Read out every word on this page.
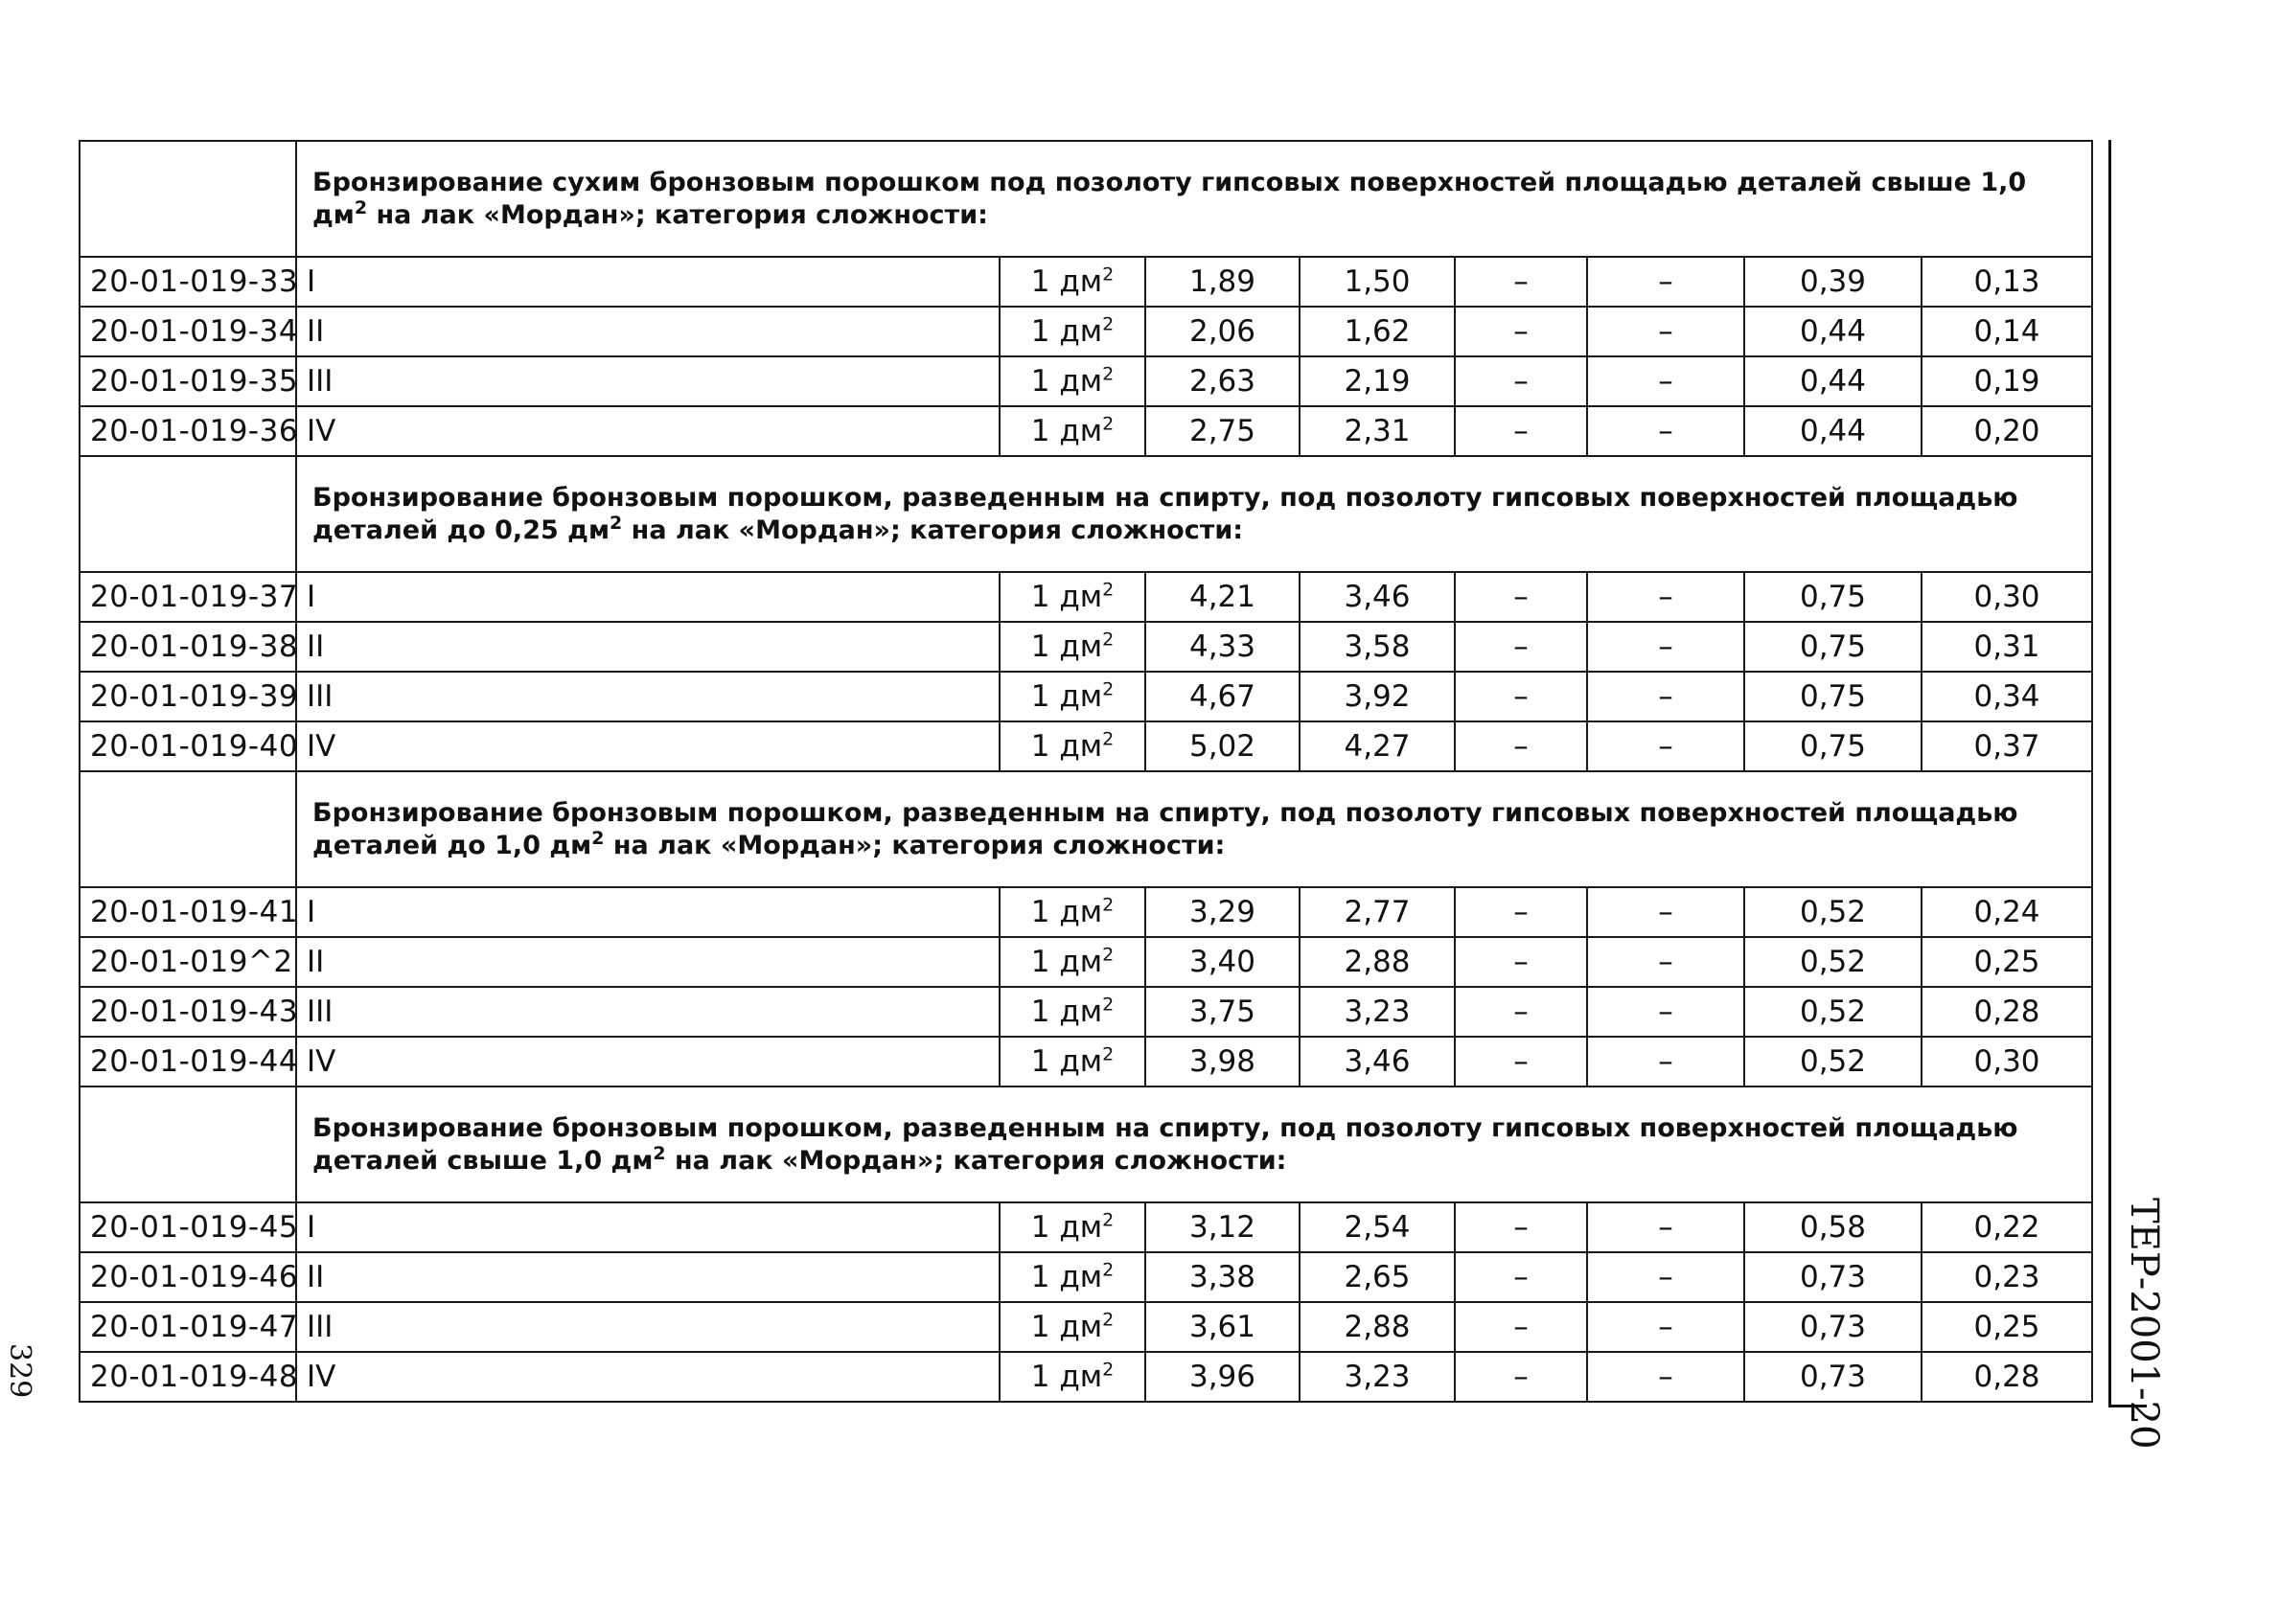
	Бронзирование сухим бронзовым порошком под позолоту гипсовых поверхностей площадью деталей свыше 1,0 $дм^2$ на лак «Мордан»; категория сложности:							
20-01-019-33	I	1 $дм^2$	1,89	1,50	–	–	0,39	0,13
20-01-019-34	II	1 $дм^2$	2,06	1,62	–	–	0,44	0,14
20-01-019-35	III	1 $дм^2$	2,63	2,19	–	–	0,44	0,19
20-01-019-36	IV	1 $дм^2$	2,75	2,31	–	–	0,44	0,20
	Бронзирование бронзовым порошком, разведенным на спирту, под позолоту гипсовых поверхностей площадью деталей до 0,25 $дм^2$ на лак «Мордан»; категория сложности:							
20-01-019-37	I	1 $дм^2$	4,21	3,46	–	–	0,75	0,30
20-01-019-38	II	1 $дм^2$	4,33	3,58	–	–	0,75	0,31
20-01-019-39	III	1 $дм^2$	4,67	3,92	–	–	0,75	0,34
20-01-019-40	IV	1 $дм^2$	5,02	4,27	–	–	0,75	0,37
	Бронзирование бронзовым порошком, разведенным на спирту, под позолоту гипсовых поверхностей площадью деталей до 1,0 $дм^2$ на лак «Мордан»; категория сложности:							
20-01-019-41	I	1 $дм^2$	3,29	2,77	–	–	0,52	0,24
20-01-019^2	II	1 $дм^2$	3,40	2,88	–	–	0,52	0,25
20-01-019-43	III	1 $дм^2$	3,75	3,23	–	–	0,52	0,28
20-01-019-44	IV	1 $дм^2$	3,98	3,46	–	–	0,52	0,30
	Бронзирование бронзовым порошком, разведенным на спирту, под позолоту гипсовых поверхностей площадью деталей свыше 1,0 $дм^2$ на лак «Мордан»; категория сложности:							
20-01-019-45	I	1 $дм^2$	3,12	2,54	–	–	0,58	0,22
20-01-019-46	II	1 $дм^2$	3,38	2,65	–	–	0,73	0,23
20-01-019-47	III	1 $дм^2$	3,61	2,88	–	–	0,73	0,25
20-01-019-48	IV	1 $дм^2$	3,96	3,23	–	–	0,73	0,28 ТЕР-2001-20
329
